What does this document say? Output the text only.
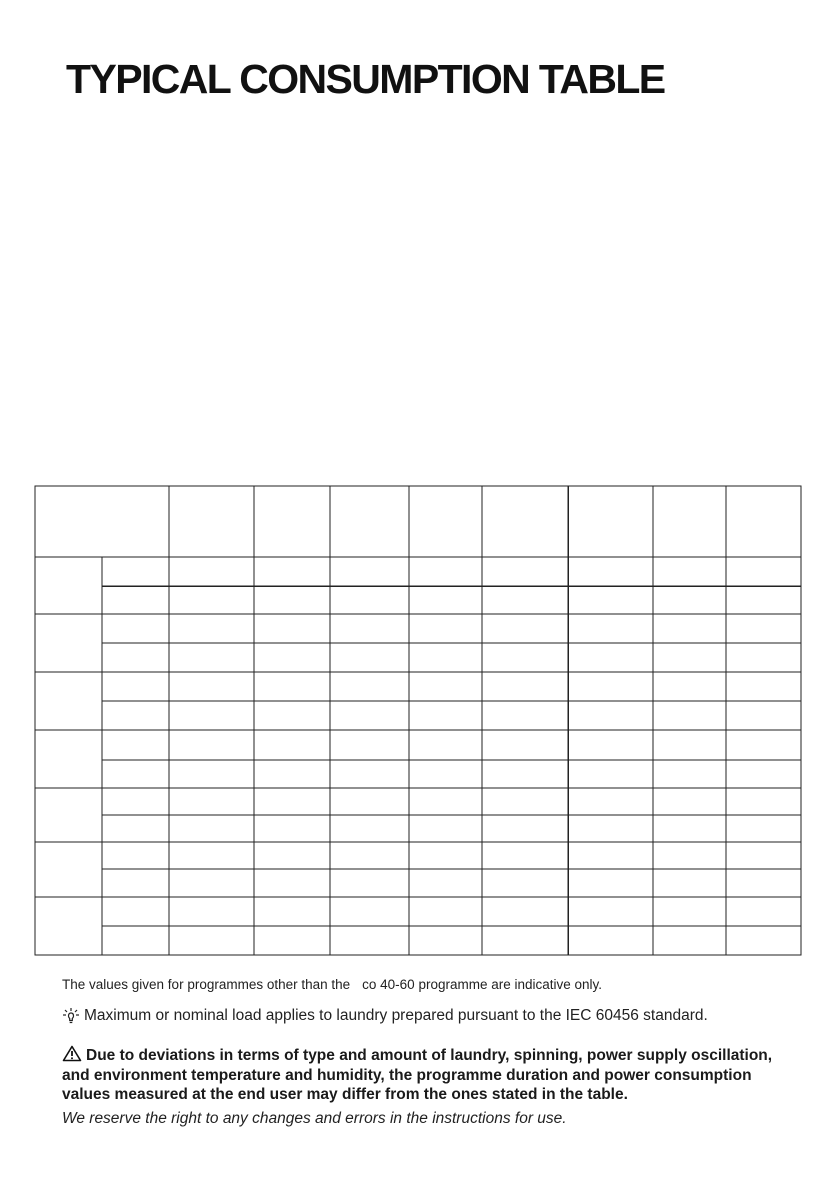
TYPICAL CONSUMPTION TABLE

The values given for programmes other than the co 40-60 programme are indicative only.

Maximum or nominal load applies to laundry prepared pursuant to the IEC 60456 standard.

Due to deviations in terms of type and amount of laundry, spinning, power supply oscillation, and environment temperature and humidity, the programme duration and power consumption values measured at the end user may differ from the ones stated in the table.

We reserve the right to any changes and errors in the instructions for use.
